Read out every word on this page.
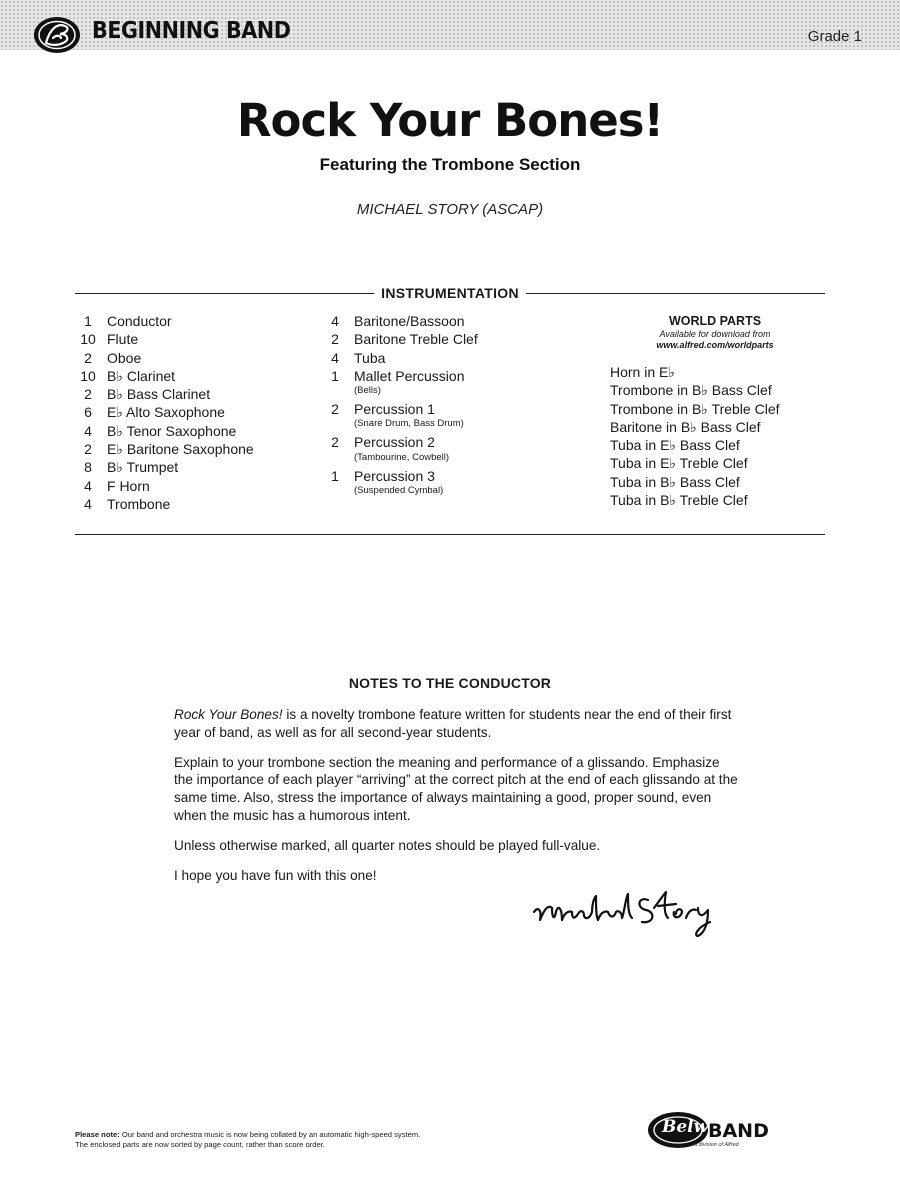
BEGINNING BAND	Grade 1
Rock Your Bones!
Featuring the Trombone Section
MICHAEL STORY (ASCAP)
INSTRUMENTATION
1	Conductor
10 Flute
2	Oboe
10 B♭ Clarinet
2	B♭ Bass Clarinet
6	E♭ Alto Saxophone
4	B♭ Tenor Saxophone
2	E♭ Baritone Saxophone
8	B♭ Trumpet
4	F Horn
4	Trombone
4	Baritone/Bassoon
2	Baritone Treble Clef
4	Tuba
1	Mallet Percussion
(Bells)
2	Percussion 1
(Snare Drum, Bass Drum)
2	Percussion 2
(Tambourine, Cowbell)
1	Percussion 3
(Suspended Cymbal)
WORLD PARTS
Available for download from
www.alfred.com/worldparts
Horn in E♭
Trombone in B♭ Bass Clef
Trombone in B♭ Treble Clef
Baritone in B♭ Bass Clef
Tuba in E♭ Bass Clef
Tuba in E♭ Treble Clef
Tuba in B♭ Bass Clef
Tuba in B♭ Treble Clef
NOTES TO THE CONDUCTOR

Rock Your Bones! is a novelty trombone feature written for students near the end of their first year of band, as well as for all second-year students.

Explain to your trombone section the meaning and performance of a glissando. Emphasize the importance of each player “arriving” at the correct pitch at the end of each glissando at the same time. Also, stress the importance of always maintaining a good, proper sound, even when the music has a humorous intent.

Unless otherwise marked, all quarter notes should be played full-value.

I hope you have fun with this one!

Please note: Our band and orchestra music is now being collated by an automatic high-speed system.
The enclosed parts are now sorted by page count, rather than score order.
Belwin
BAND
a division of Alfred
